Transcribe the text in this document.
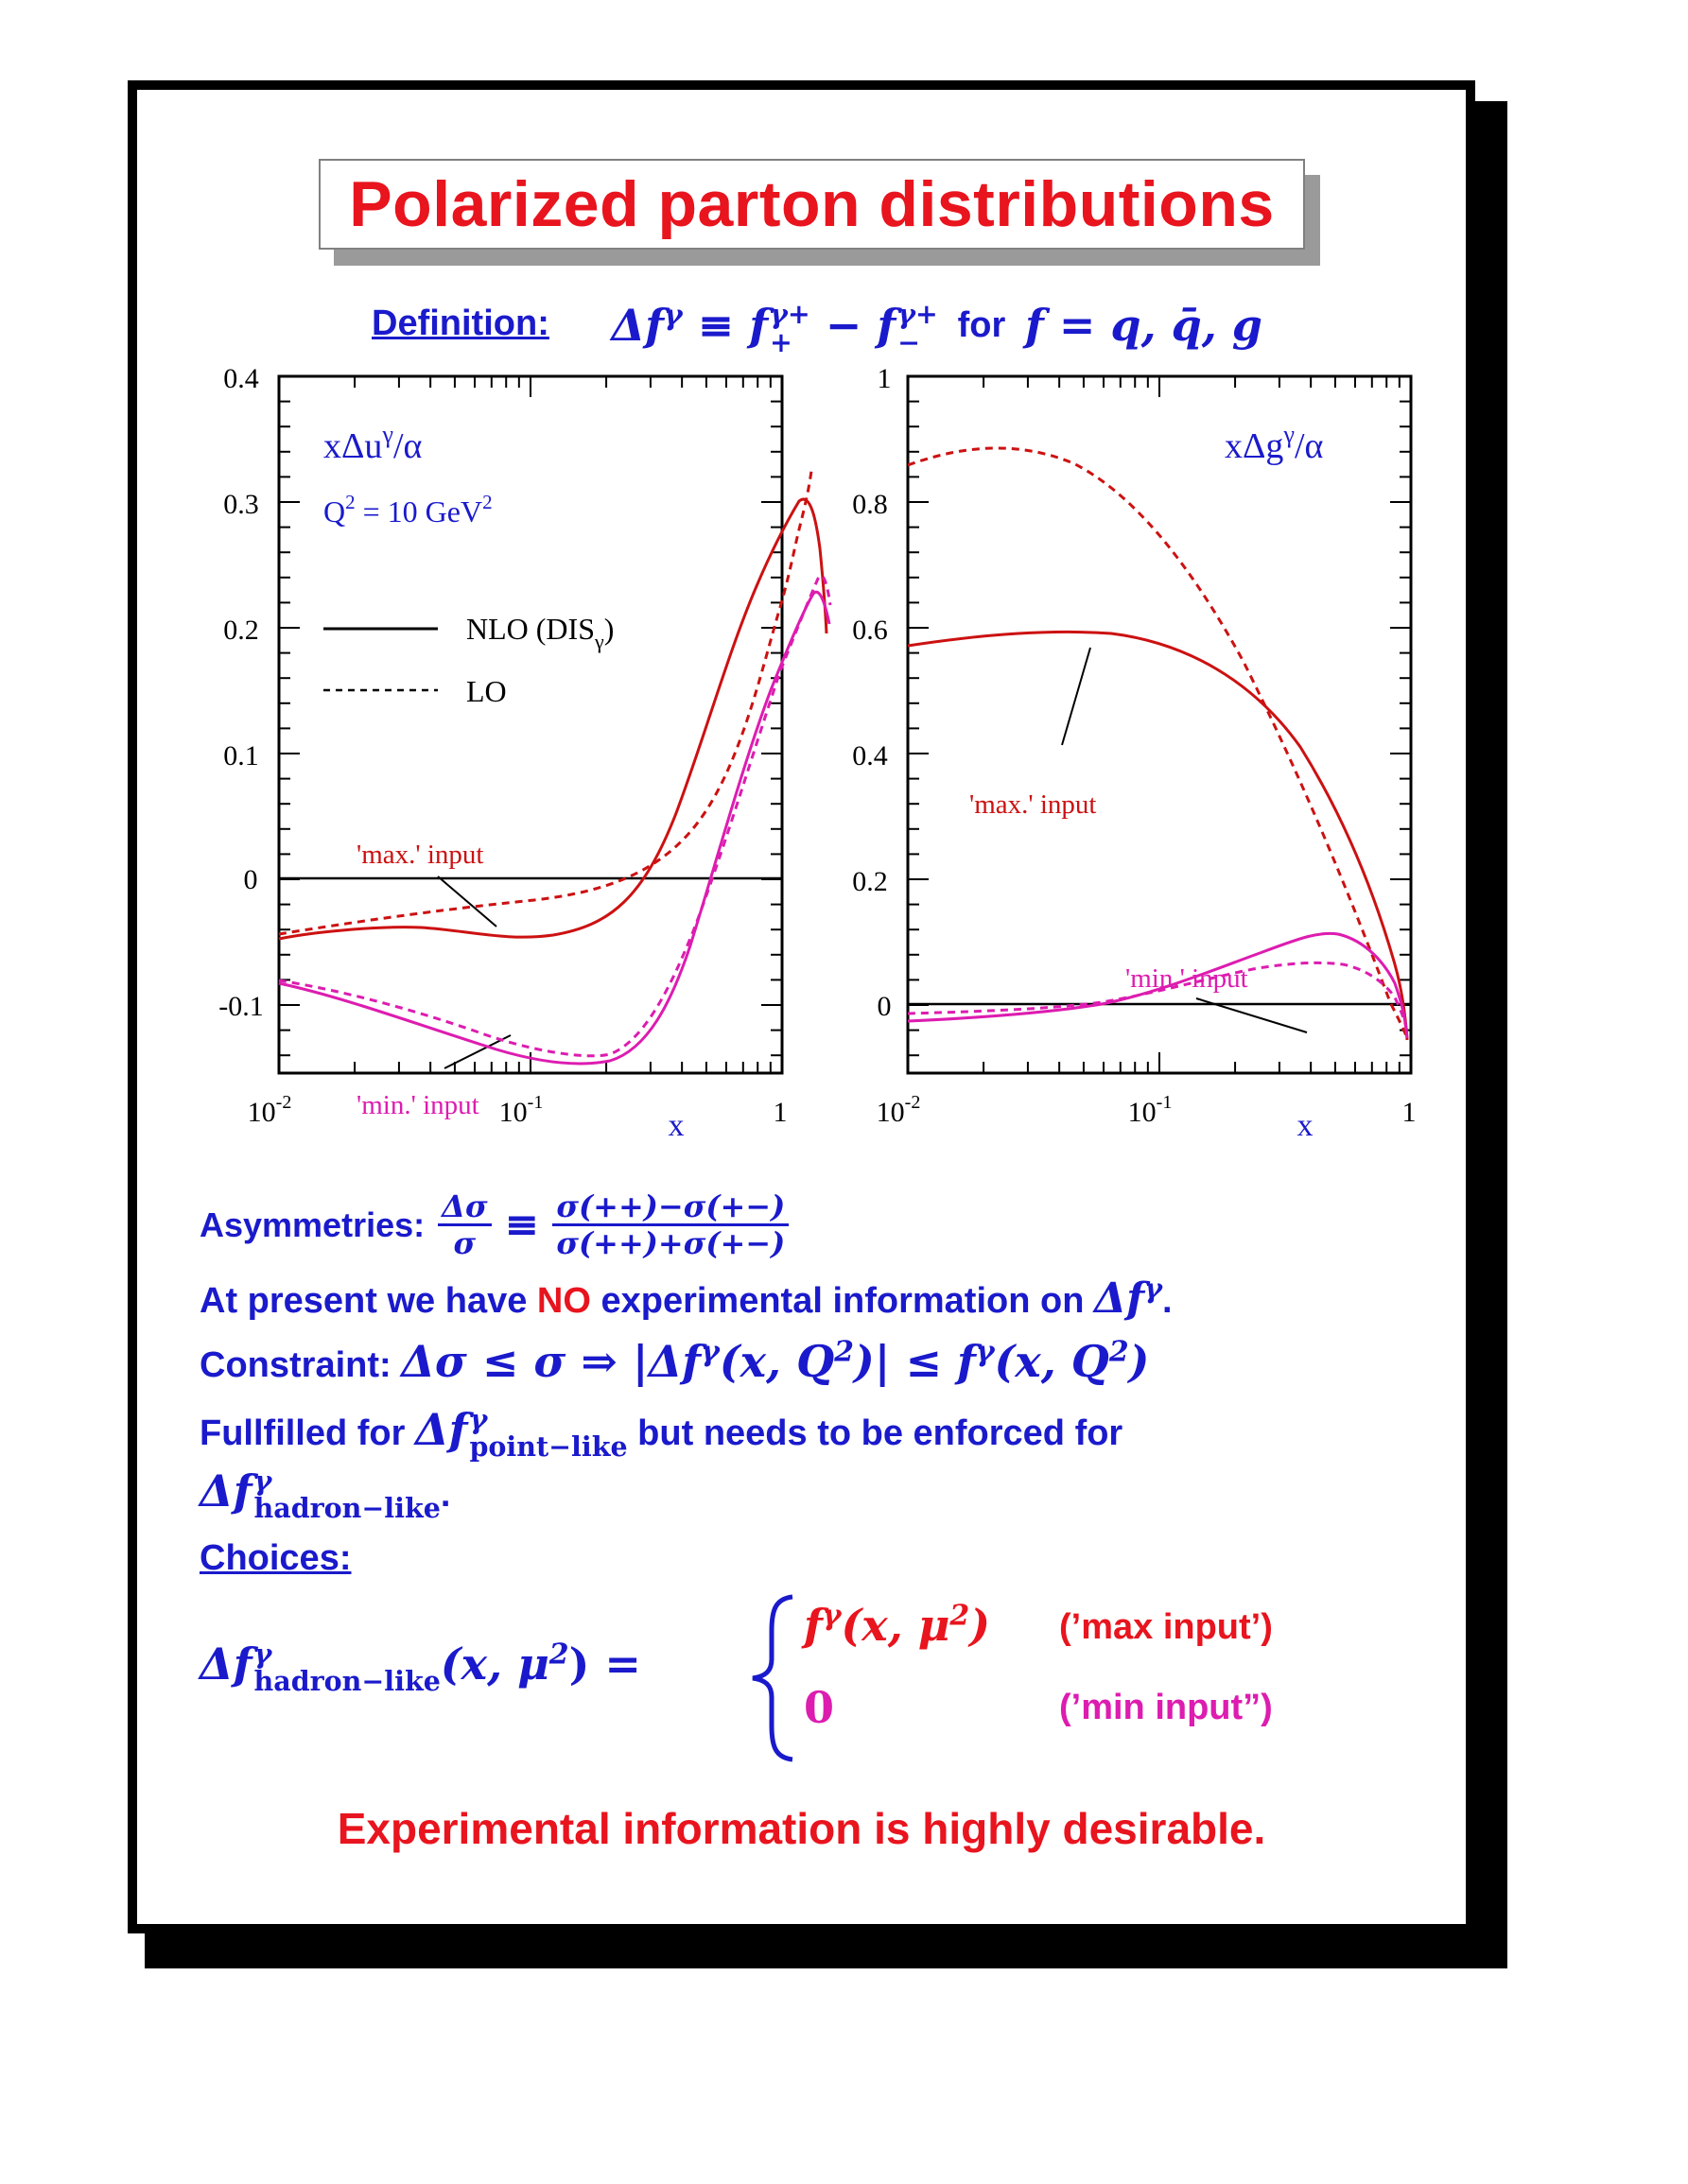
Polarized parton distributions
Definition: $\Delta f^\gamma \equiv f$ γ+
+ − f γ+
−	for f = q, q̄, g
0.4
0.3
0.2
0.1
0
-0.1
$10^{-2}$	$10^{-1}$	1
x
xΔu$^\gamma$/α
$Q^2 = 10$ GeV$^2$
NLO $(DIS_\gamma)$
LO
'max.' input
'min.' input
1
0.8
0.6
0.4
0.2
0
$10^{-2}$	$10^{-1}$	1
x
xΔg$^\gamma$/α
'max.' input
'min.' input
Asymmetries: $\frac{\Delta\sigma}{\sigma} \equiv \frac{\sigma(++)-\sigma(+-)}{\sigma(++)+\sigma(+-)}$
At present we have NO experimental information on $\Delta f^\gamma$.
Constraint: Δσ ≤ σ ⇒ $|\Delta f^\gamma(x$, $Q^2)| \le f^\gamma(x$, $Q^2$)
Fullfilled for Δf γ
point−like but needs to be enforced for
Δf γ
hadron−like .
Choices:
Δf γ
hadron−like (x, $\mu^2$) =
$f^\gamma(x$, $\mu^2$) (’max input’)
0	(’min input”)
Experimental information is highly desirable.
